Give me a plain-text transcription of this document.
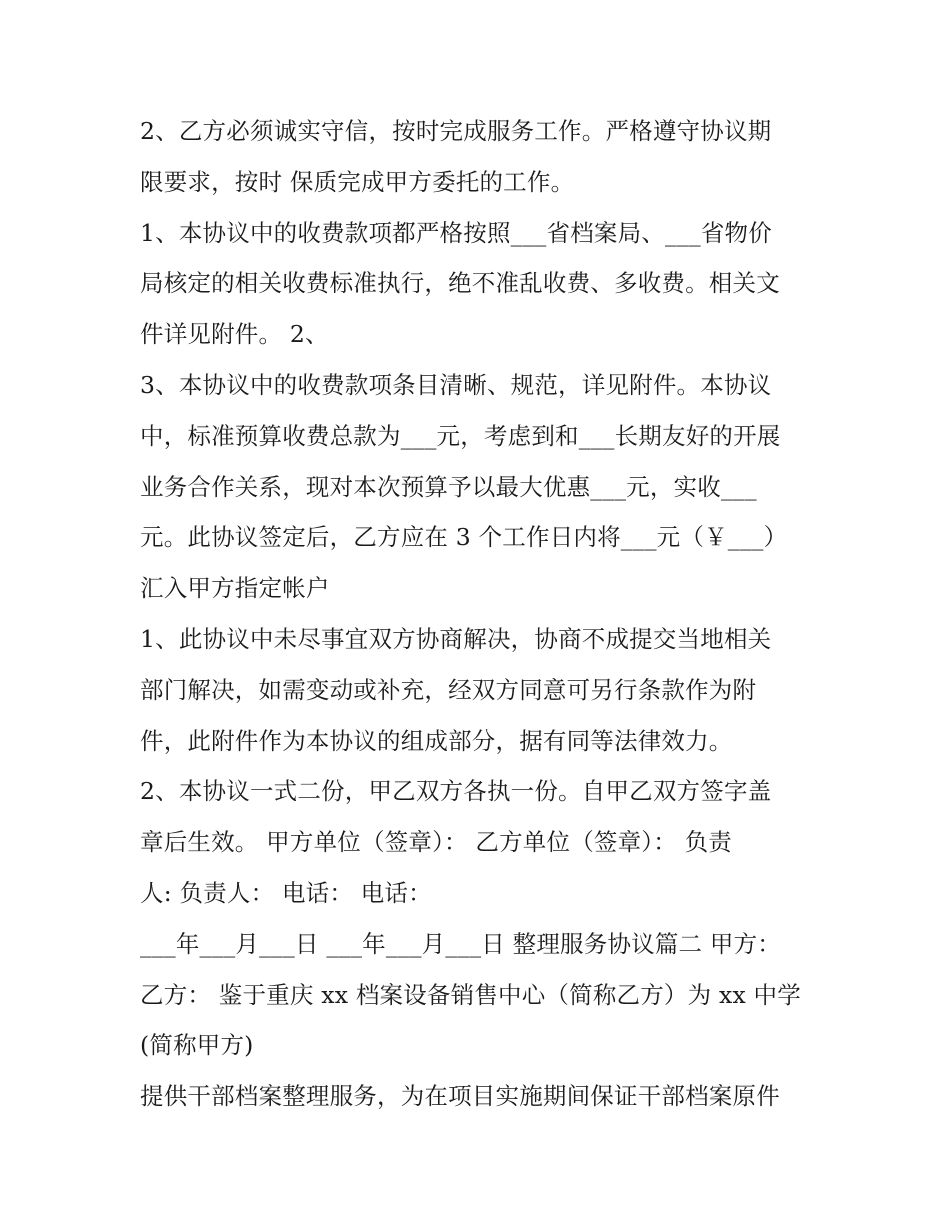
2、乙方必须诚实守信，按时完成服务工作。严格遵守协议期
限要求，按时 保质完成甲方委托的工作。
1、本协议中的收费款项都严格按照___省档案局、___省物价
局核定的相关收费标准执行，绝不准乱收费、多收费。相关文
件详见附件。 2、
3、本协议中的收费款项条目清晰、规范，详见附件。本协议
中，标准预算收费总款为___元，考虑到和___长期友好的开展
业务合作关系，现对本次预算予以最大优惠___元，实收___
元。此协议签定后，乙方应在 3 个工作日内将___元（￥___）
汇入甲方指定帐户
1、此协议中未尽事宜双方协商解决，协商不成提交当地相关
部门解决，如需变动或补充，经双方同意可另行条款作为附
件，此附件作为本协议的组成部分，据有同等法律效力。
2、本协议一式二份，甲乙双方各执一份。自甲乙双方签字盖
章后生效。 甲方单位（签章）： 乙方单位（签章）： 负责
人: 负责人： 电话： 电话：
___年___月___日 ___年___月___日 整理服务协议篇二 甲方：
乙方： 鉴于重庆 xx 档案设备销售中心（简称乙方）为 xx 中学
(简称甲方)
提供干部档案整理服务，为在项目实施期间保证干部档案原件
